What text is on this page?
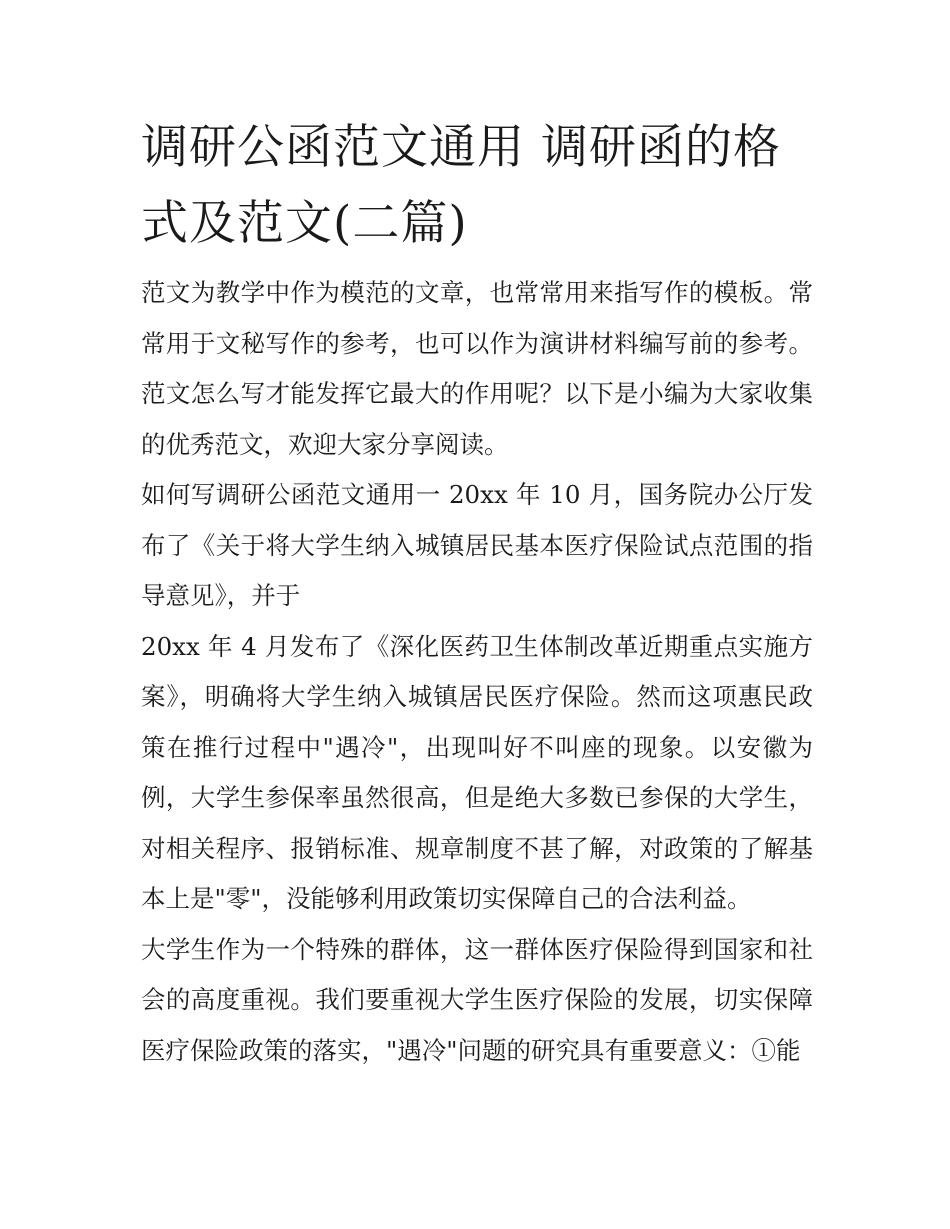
调研公函范文通用 调研函的格式及范文(二篇)

范文为教学中作为模范的文章，也常常用来指写作的模板。常常用于文秘写作的参考，也可以作为演讲材料编写前的参考。范文怎么写才能发挥它最大的作用呢？以下是小编为大家收集的优秀范文，欢迎大家分享阅读。

如何写调研公函范文通用一 20xx 年 10 月，国务院办公厅发布了《关于将大学生纳入城镇居民基本医疗保险试点范围的指导意见》，并于

20xx 年 4 月发布了《深化医药卫生体制改革近期重点实施方案》，明确将大学生纳入城镇居民医疗保险。然而这项惠民政策在推行过程中"遇冷"，出现叫好不叫座的现象。以安徽为例，大学生参保率虽然很高，但是绝大多数已参保的大学生，对相关程序、报销标准、规章制度不甚了解，对政策的了解基本上是"零"，没能够利用政策切实保障自己的合法利益。

大学生作为一个特殊的群体，这一群体医疗保险得到国家和社会的高度重视。我们要重视大学生医疗保险的发展，切实保障医疗保险政策的落实，"遇冷"问题的研究具有重要意义：①能
